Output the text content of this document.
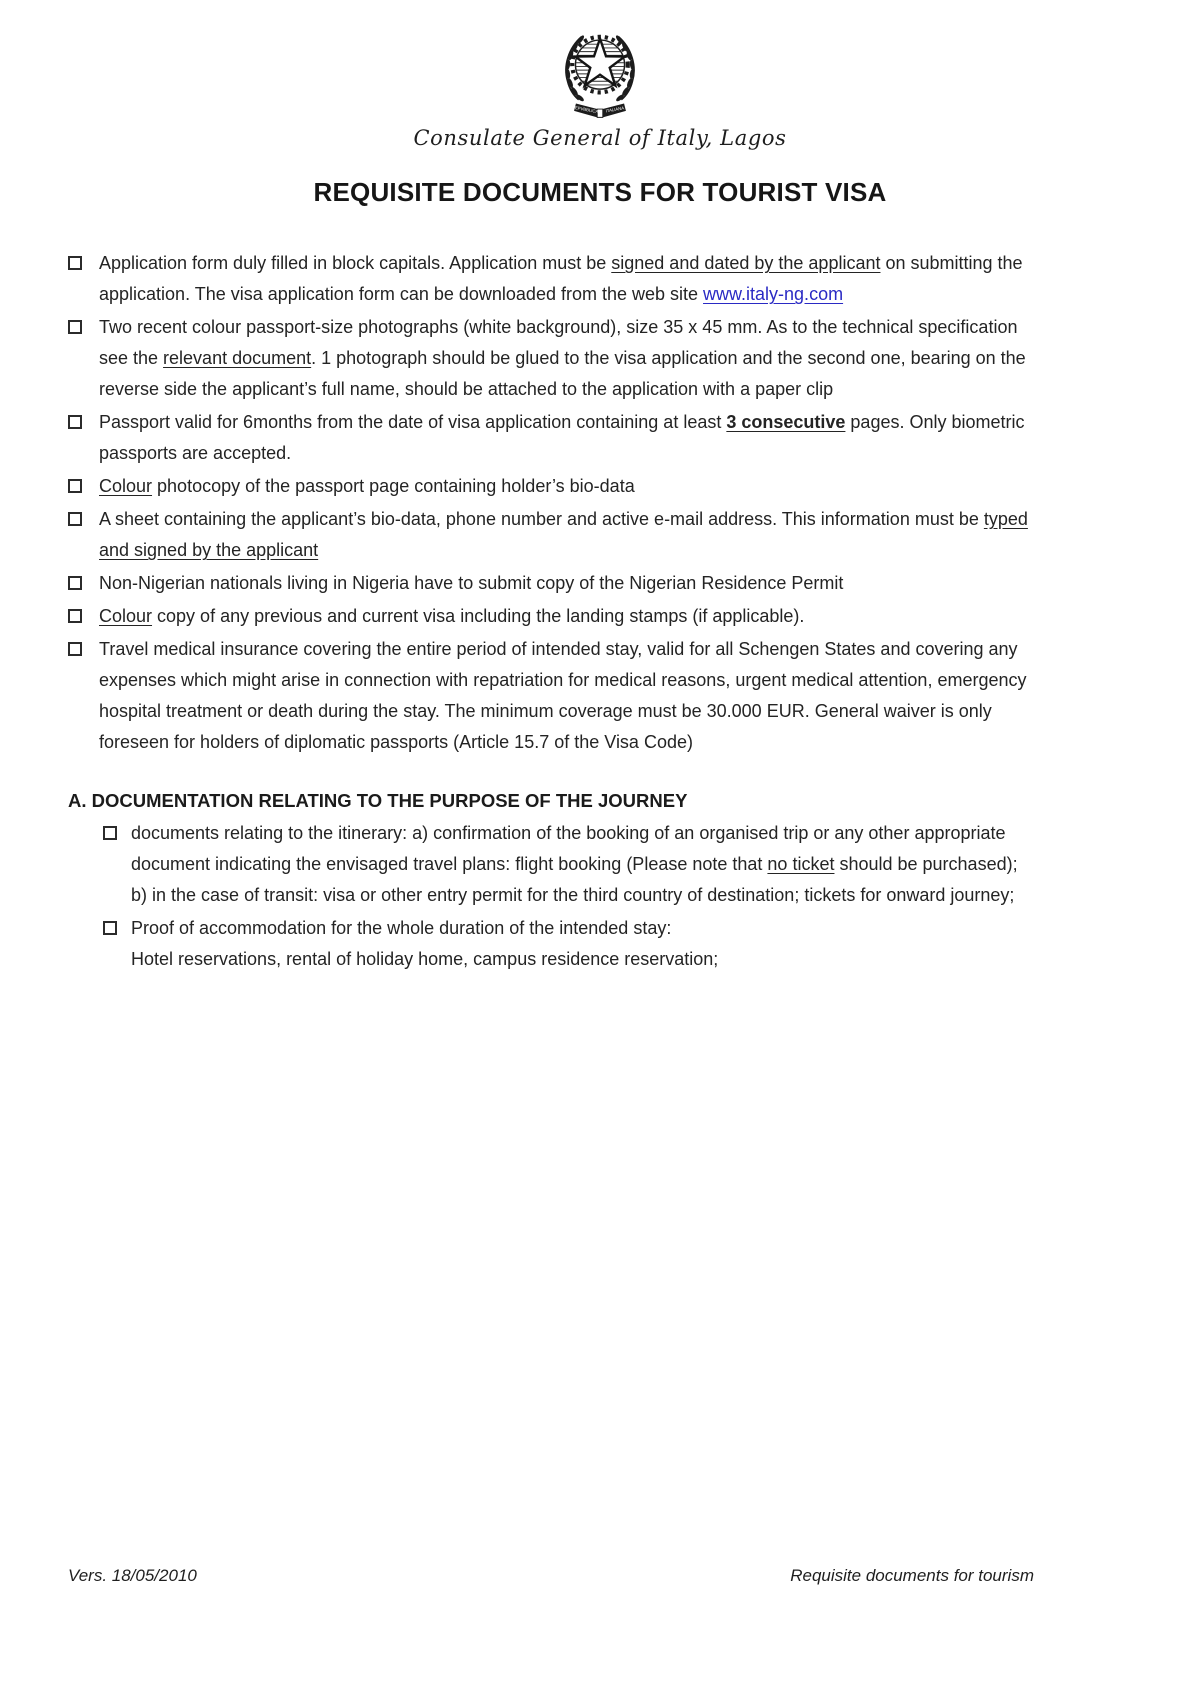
REPVBBLICA ITALIANA
Consulate General of Italy, Lagos
REQUISITE DOCUMENTS FOR TOURIST VISA
Application form duly filled in block capitals. Application must be signed and dated by the applicant on submitting the application. The visa application form can be downloaded from the web site www.italy-ng.com
Two recent colour passport-size photographs (white background), size 35 x 45 mm. As to the technical specification see the relevant document. 1 photograph should be glued to the visa application and the second one, bearing on the reverse side the applicant’s full name, should be attached to the application with a paper clip
Passport valid for 6months from the date of visa application containing at least 3 consecutive pages. Only biometric passports are accepted.
Colour photocopy of the passport page containing holder’s bio-data
A sheet containing the applicant’s bio-data, phone number and active e-mail address. This information must be typed and signed by the applicant
Non-Nigerian nationals living in Nigeria have to submit copy of the Nigerian Residence Permit
Colour copy of any previous and current visa including the landing stamps (if applicable).
Travel medical insurance covering the entire period of intended stay, valid for all Schengen States and covering any expenses which might arise in connection with repatriation for medical reasons, urgent medical attention, emergency hospital treatment or death during the stay. The minimum coverage must be 30.000 EUR. General waiver is only foreseen for holders of diplomatic passports (Article 15.7 of the Visa Code)
A. DOCUMENTATION RELATING TO THE PURPOSE OF THE JOURNEY
documents relating to the itinerary: a) confirmation of the booking of an organised trip or any other appropriate document indicating the envisaged travel plans: flight booking (Please note that no ticket should be purchased); b) in the case of transit: visa or other entry permit for the third country of destination; tickets for onward journey;
Proof of accommodation for the whole duration of the intended stay:
Hotel reservations, rental of holiday home, campus residence reservation;
Vers. 18/05/2010	Requisite documents for tourism
